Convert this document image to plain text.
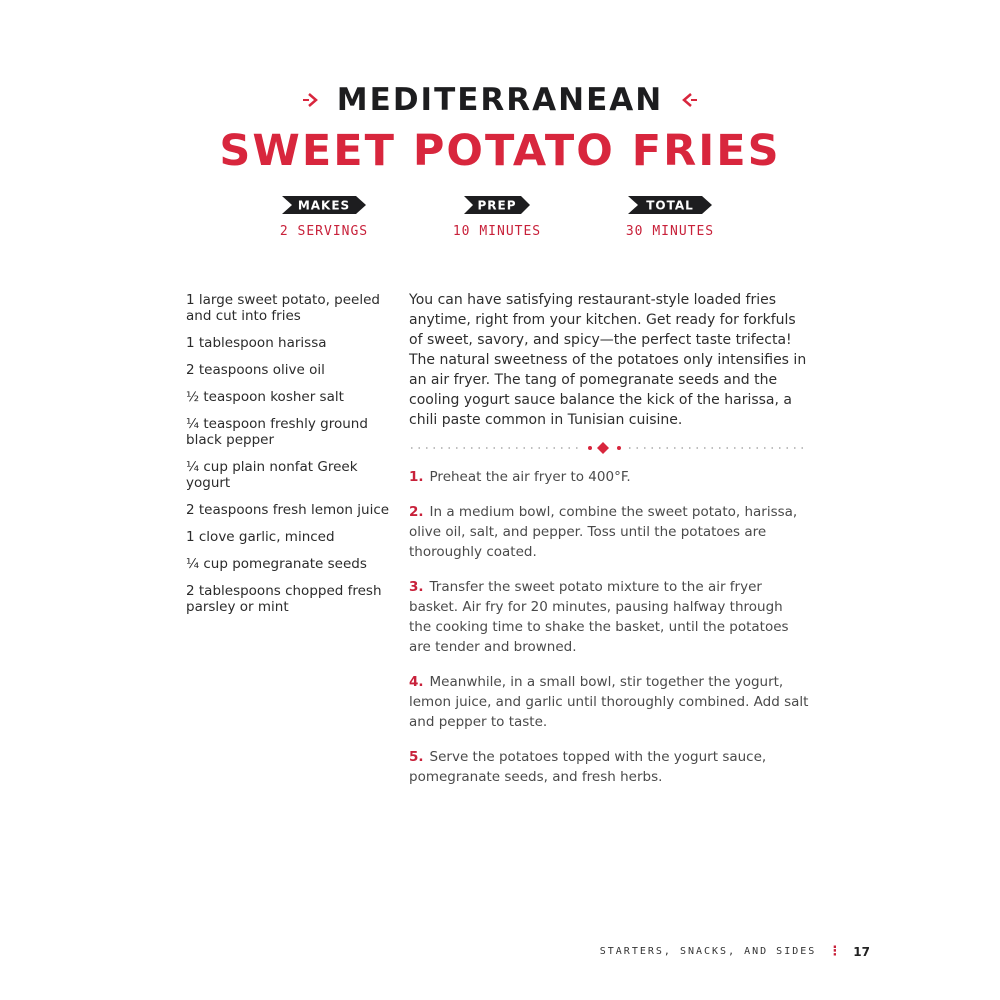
MEDITERRANEAN
SWEET POTATO FRIES
MAKES
2 SERVINGS
PREP
10 MINUTES
TOTAL
30 MINUTES
1 large sweet potato, peeled and cut into fries
1 tablespoon harissa
2 teaspoons olive oil
½ teaspoon kosher salt
¼ teaspoon freshly ground black pepper
¼ cup plain nonfat Greek yogurt
2 teaspoons fresh lemon juice
1 clove garlic, minced
¼ cup pomegranate seeds
2 tablespoons chopped fresh parsley or mint

You can have satisfying restaurant-style loaded fries anytime, right from your kitchen. Get ready for forkfuls of sweet, savory, and spicy—the perfect taste trifecta! The natural sweetness of the potatoes only intensifies in an air fryer. The tang of pomegranate seeds and the cooling yogurt sauce balance the kick of the harissa, a chili paste common in Tunisian cuisine.

1. Preheat the air fryer to 400°F.
2. In a medium bowl, combine the sweet potato, harissa, olive oil, salt, and pepper. Toss until the potatoes are thoroughly coated.
3. Transfer the sweet potato mixture to the air fryer basket. Air fry for 20 minutes, pausing halfway through the cooking time to shake the basket, until the potatoes are tender and browned.
4. Meanwhile, in a small bowl, stir together the yogurt, lemon juice, and garlic until thoroughly combined. Add salt and pepper to taste.
5. Serve the potatoes topped with the yogurt sauce, pomegranate seeds, and fresh herbs.
STARTERS, SNACKS, AND SIDES ⋮ 17
